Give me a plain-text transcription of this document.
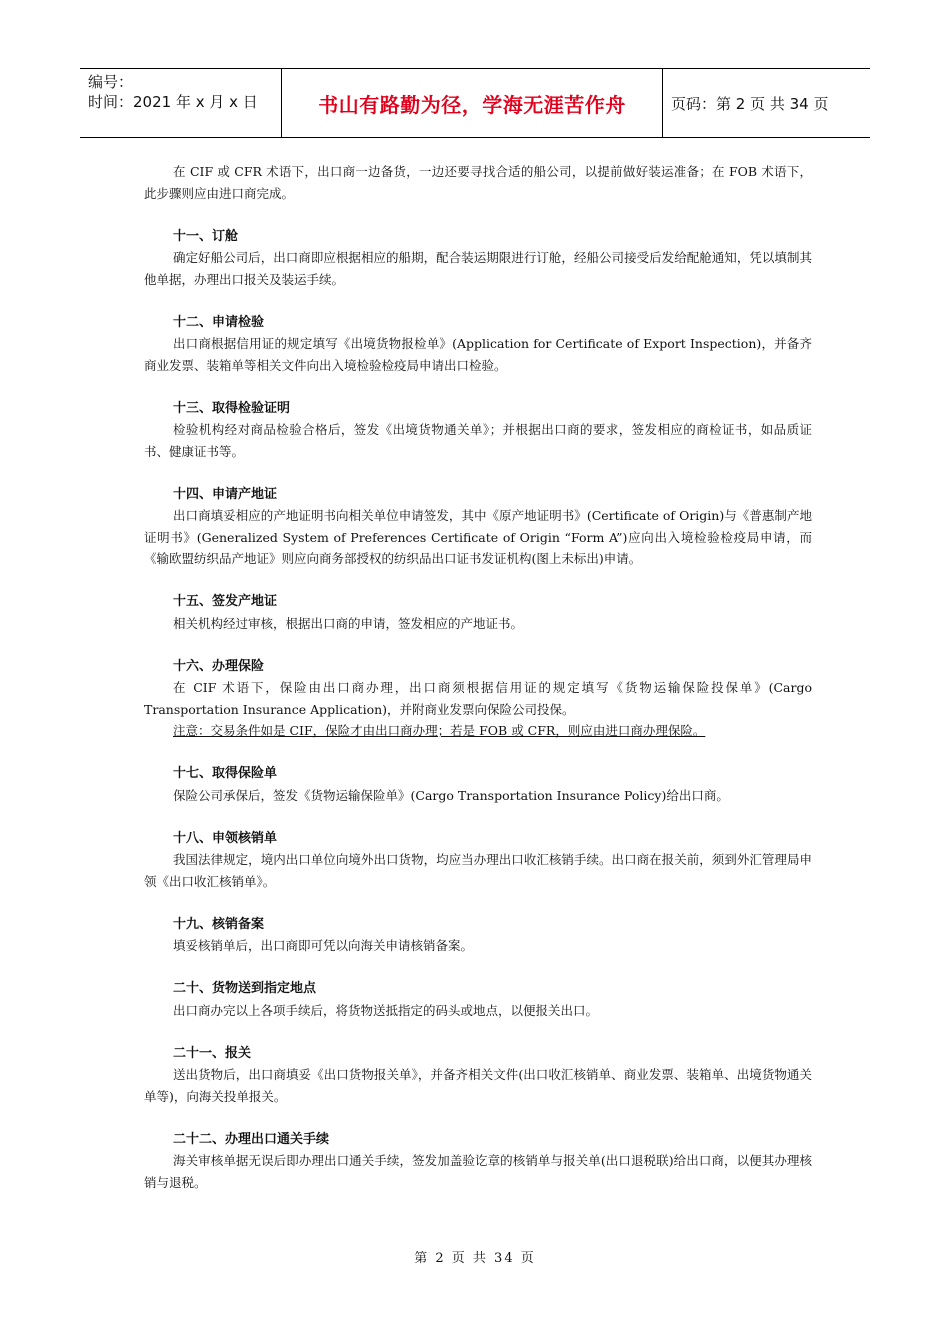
编号：
时间：2021 年 x 月 x 日	书山有路勤为径，学海无涯苦作舟	页码：第 2 页 共 34 页
在 CIF 或 CFR 术语下，出口商一边备货，一边还要寻找合适的船公司，以提前做好装运准备；在 FOB 术语下，此步骤则应由进口商完成。
十一、订舱
确定好船公司后，出口商即应根据相应的船期，配合装运期限进行订舱，经船公司接受后发给配舱通知，凭以填制其他单据，办理出口报关及装运手续。
十二、申请检验
出口商根据信用证的规定填写《出境货物报检单》(Application for Certificate of Export Inspection)，并备齐商业发票、装箱单等相关文件向出入境检验检疫局申请出口检验。
十三、取得检验证明
检验机构经对商品检验合格后，签发《出境货物通关单》；并根据出口商的要求，签发相应的商检证书，如品质证书、健康证书等。
十四、申请产地证
出口商填妥相应的产地证明书向相关单位申请签发，其中《原产地证明书》(Certificate of Origin)与《普惠制产地证明书》(Generalized System of Preferences Certificate of Origin “Form A”)应向出入境检验检疫局申请，而《输欧盟纺织品产地证》则应向商务部授权的纺织品出口证书发证机构(图上未标出)申请。
十五、签发产地证
相关机构经过审核，根据出口商的申请，签发相应的产地证书。
十六、办理保险
在 CIF 术语下，保险由出口商办理，出口商须根据信用证的规定填写《货物运输保险投保单》(Cargo Transportation Insurance Application)，并附商业发票向保险公司投保。
注意：交易条件如是 CIF，保险才由出口商办理；若是 FOB 或 CFR，则应由进口商办理保险。
十七、取得保险单
保险公司承保后，签发《货物运输保险单》(Cargo Transportation Insurance Policy)给出口商。
十八、申领核销单
我国法律规定，境内出口单位向境外出口货物，均应当办理出口收汇核销手续。出口商在报关前，须到外汇管理局申领《出口收汇核销单》。
十九、核销备案
填妥核销单后，出口商即可凭以向海关申请核销备案。
二十、货物送到指定地点
出口商办完以上各项手续后，将货物送抵指定的码头或地点，以便报关出口。
二十一、报关
送出货物后，出口商填妥《出口货物报关单》，并备齐相关文件(出口收汇核销单、商业发票、装箱单、出境货物通关单等)，向海关投单报关。
二十二、办理出口通关手续
海关审核单据无误后即办理出口通关手续，签发加盖验讫章的核销单与报关单(出口退税联)给出口商，以便其办理核销与退税。
第 2 页 共 34 页
